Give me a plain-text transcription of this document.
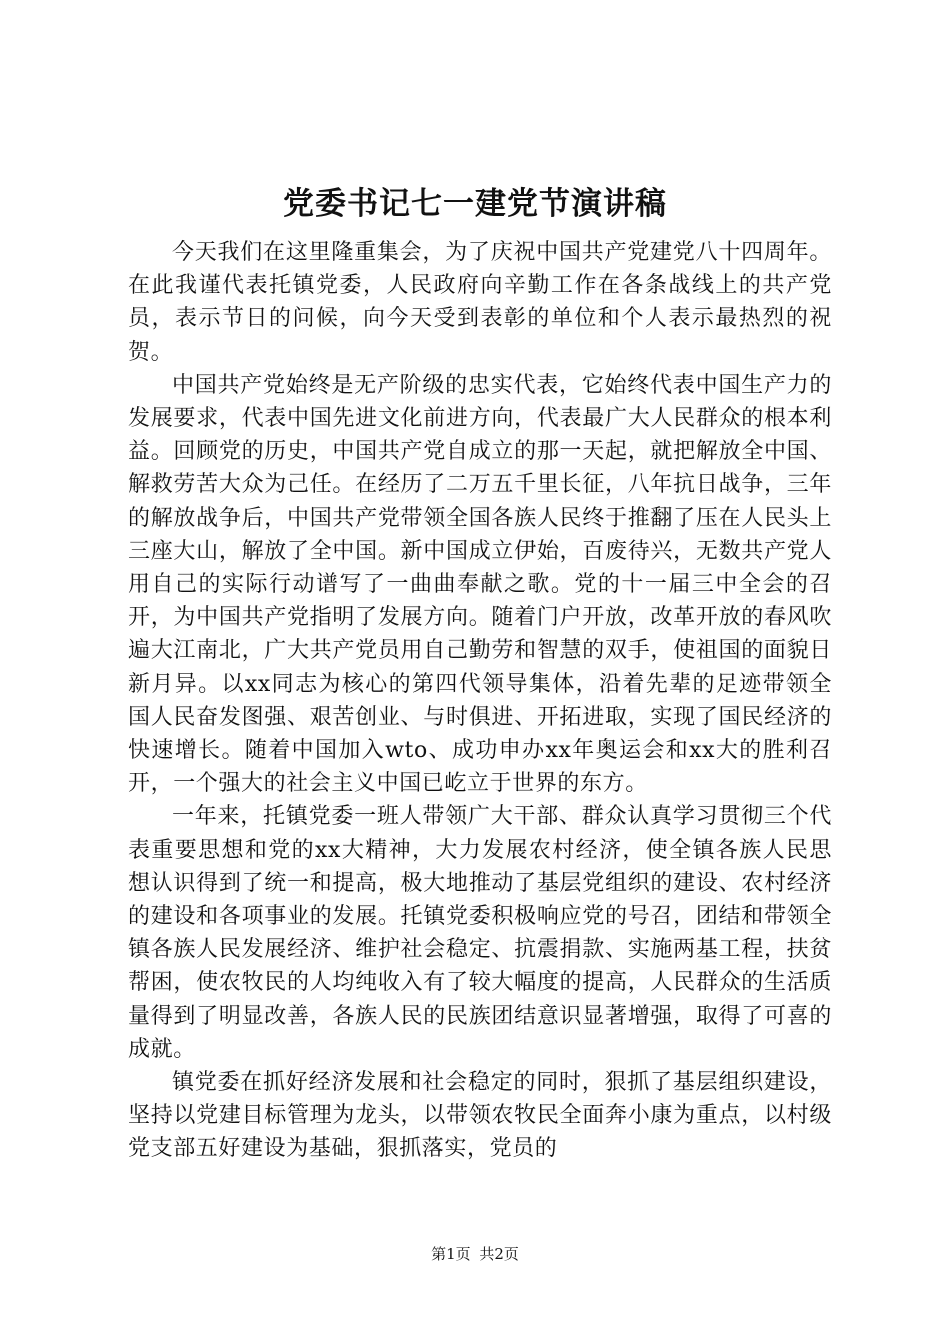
党委书记七一建党节演讲稿

今天我们在这里隆重集会，为了庆祝中国共产党建党八十四周年。在此我谨代表托镇党委，人民政府向辛勤工作在各条战线上的共产党员，表示节日的问候，向今天受到表彰的单位和个人表示最热烈的祝贺。

中国共产党始终是无产阶级的忠实代表，它始终代表中国生产力的发展要求，代表中国先进文化前进方向，代表最广大人民群众的根本利益。回顾党的历史，中国共产党自成立的那一天起，就把解放全中国、解救劳苦大众为己任。在经历了二万五千里长征，八年抗日战争，三年的解放战争后，中国共产党带领全国各族人民终于推翻了压在人民头上三座大山，解放了全中国。新中国成立伊始，百废待兴，无数共产党人用自己的实际行动谱写了一曲曲奉献之歌。党的十一届三中全会的召开，为中国共产党指明了发展方向。随着门户开放，改革开放的春风吹遍大江南北，广大共产党员用自己勤劳和智慧的双手，使祖国的面貌日新月异。以xx同志为核心的第四代领导集体，沿着先辈的足迹带领全国人民奋发图强、艰苦创业、与时俱进、开拓进取，实现了国民经济的快速增长。随着中国加入wto、成功申办xx年奥运会和xx大的胜利召开，一个强大的社会主义中国已屹立于世界的东方。

一年来，托镇党委一班人带领广大干部、群众认真学习贯彻三个代表重要思想和党的xx大精神，大力发展农村经济，使全镇各族人民思想认识得到了统一和提高，极大地推动了基层党组织的建设、农村经济的建设和各项事业的发展。托镇党委积极响应党的号召，团结和带领全镇各族人民发展经济、维护社会稳定、抗震捐款、实施两基工程，扶贫帮困，使农牧民的人均纯收入有了较大幅度的提高，人民群众的生活质量得到了明显改善，各族人民的民族团结意识显著增强，取得了可喜的成就。

镇党委在抓好经济发展和社会稳定的同时，狠抓了基层组织建设，坚持以党建目标管理为龙头，以带领农牧民全面奔小康为重点，以村级党支部五好建设为基础，狠抓落实，党员的

第1页 共2页
